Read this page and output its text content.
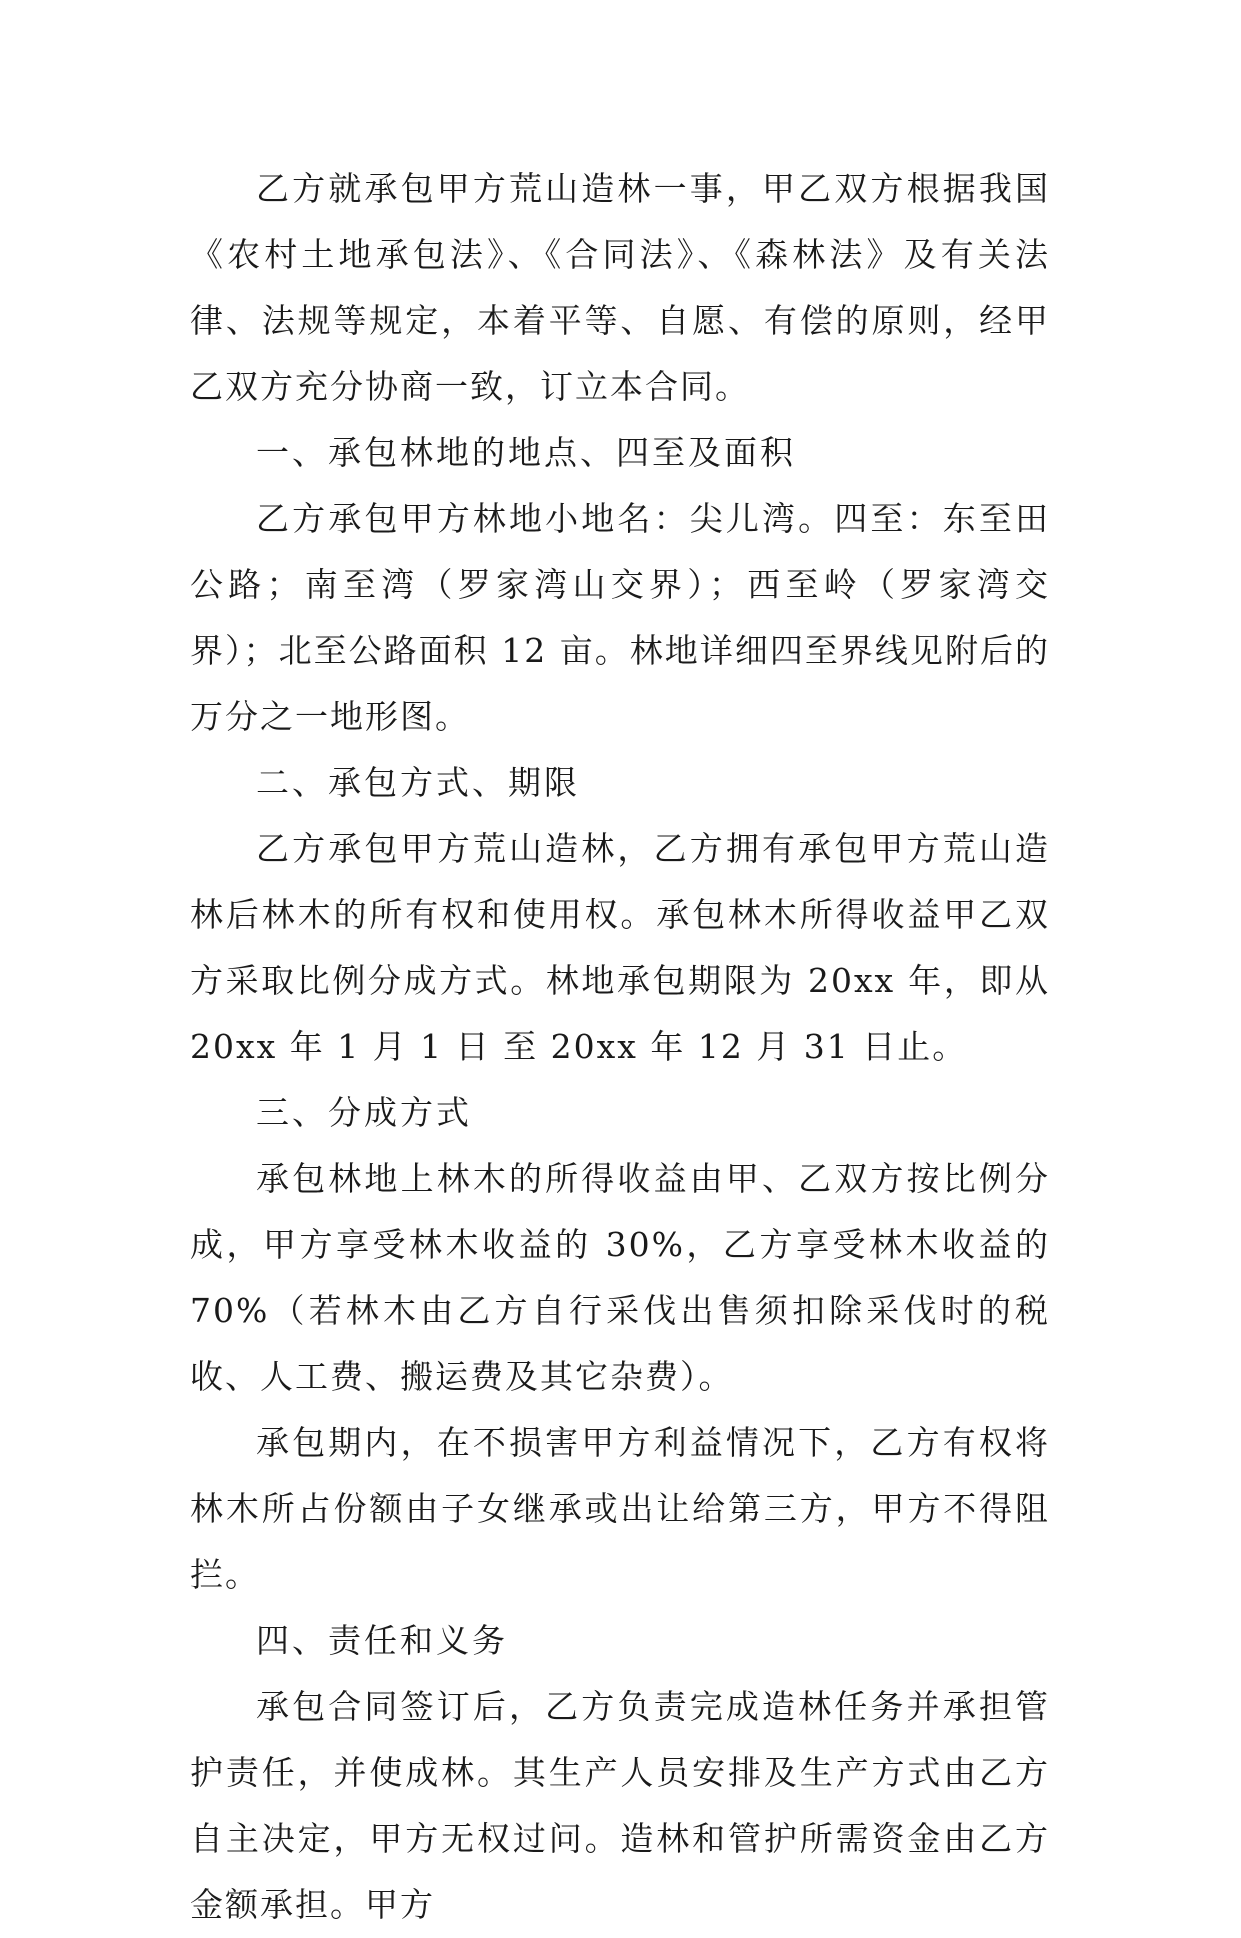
乙方就承包甲方荒山造林一事，甲乙双方根据我国《农村土地承包法》、《合同法》、《森林法》及有关法律、法规等规定，本着平等、自愿、有偿的原则，经甲乙双方充分协商一致，订立本合同。

一、承包林地的地点、四至及面积

乙方承包甲方林地小地名：尖儿湾。四至：东至田公路；南至湾（罗家湾山交界）；西至岭（罗家湾交界）；北至公路面积 12 亩。林地详细四至界线见附后的万分之一地形图。

二、承包方式、期限

乙方承包甲方荒山造林，乙方拥有承包甲方荒山造林后林木的所有权和使用权。承包林木所得收益甲乙双方采取比例分成方式。林地承包期限为 20xx 年，即从 20xx 年 1 月 1 日 至 20xx 年 12 月 31 日止。

三、分成方式

承包林地上林木的所得收益由甲、乙双方按比例分成，甲方享受林木收益的 30%，乙方享受林木收益的 70%（若林木由乙方自行采伐出售须扣除采伐时的税收、人工费、搬运费及其它杂费）。

承包期内，在不损害甲方利益情况下，乙方有权将林木所占份额由子女继承或出让给第三方，甲方不得阻拦。

四、责任和义务

承包合同签订后，乙方负责完成造林任务并承担管护责任，并使成林。其生产人员安排及生产方式由乙方自主决定，甲方无权过问。造林和管护所需资金由乙方金额承担。甲方
